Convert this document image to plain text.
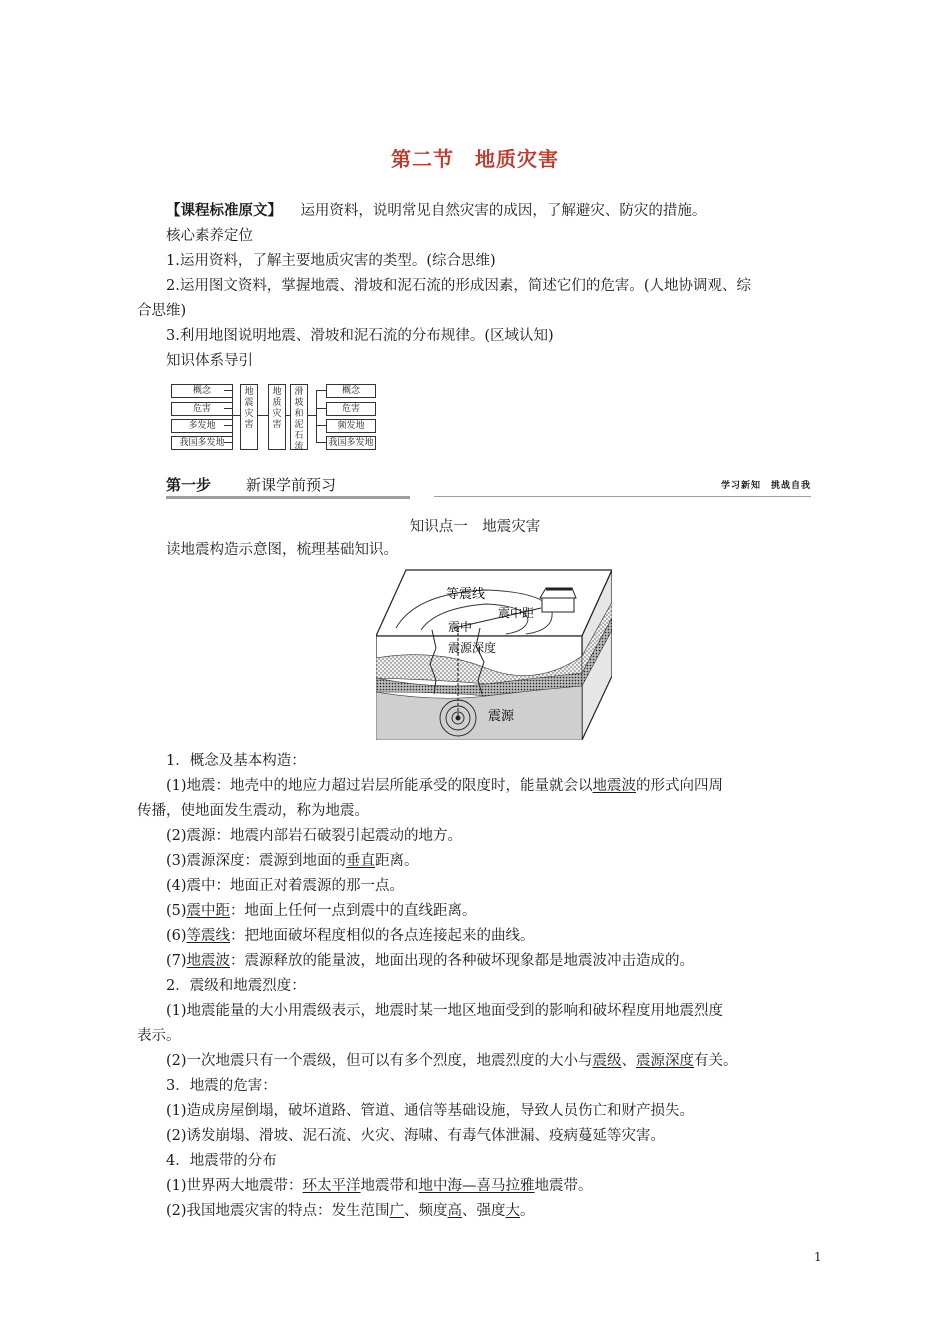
第二节　地质灾害
【课程标准原文】 运用资料，说明常见自然灾害的成因，了解避灾、防灾的措施。
核心素养定位
1.运用资料，了解主要地质灾害的类型。(综合思维)
2.运用图文资料，掌握地震、滑坡和泥石流的形成因素，简述它们的危害。(人地协调观、综
合思维)
3.利用地图说明地震、滑坡和泥石流的分布规律。(区域认知)
知识体系导引
概念
危害
多发地
我国多发地
地震灾害
地质灾害
滑坡和泥石流
概念
危害
频发地
我国多发地
第一步 新课学前预习	学习新知　挑战自我
知识点一　地震灾害
读地震构造示意图，梳理基础知识。
等震线
震中距
震中
震源深度
震源
1．概念及基本构造：
(1)地震：地壳中的地应力超过岩层所能承受的限度时，能量就会以地震波的形式向四周
传播，使地面发生震动，称为地震。
(2)震源：地震内部岩石破裂引起震动的地方。
(3)震源深度：震源到地面的垂直距离。
(4)震中：地面正对着震源的那一点。
(5)震中距：地面上任何一点到震中的直线距离。
(6)等震线：把地面破坏程度相似的各点连接起来的曲线。
(7)地震波：震源释放的能量波，地面出现的各种破坏现象都是地震波冲击造成的。
2．震级和地震烈度：
(1)地震能量的大小用震级表示，地震时某一地区地面受到的影响和破坏程度用地震烈度
表示。
(2)一次地震只有一个震级，但可以有多个烈度，地震烈度的大小与震级、震源深度有关。
3．地震的危害：
(1)造成房屋倒塌，破坏道路、管道、通信等基础设施，导致人员伤亡和财产损失。
(2)诱发崩塌、滑坡、泥石流、火灾、海啸、有毒气体泄漏、疫病蔓延等灾害。
4．地震带的分布
(1)世界两大地震带：环太平洋地震带和地中海—喜马拉雅地震带。
(2)我国地震灾害的特点：发生范围广、频度高、强度大。
1
